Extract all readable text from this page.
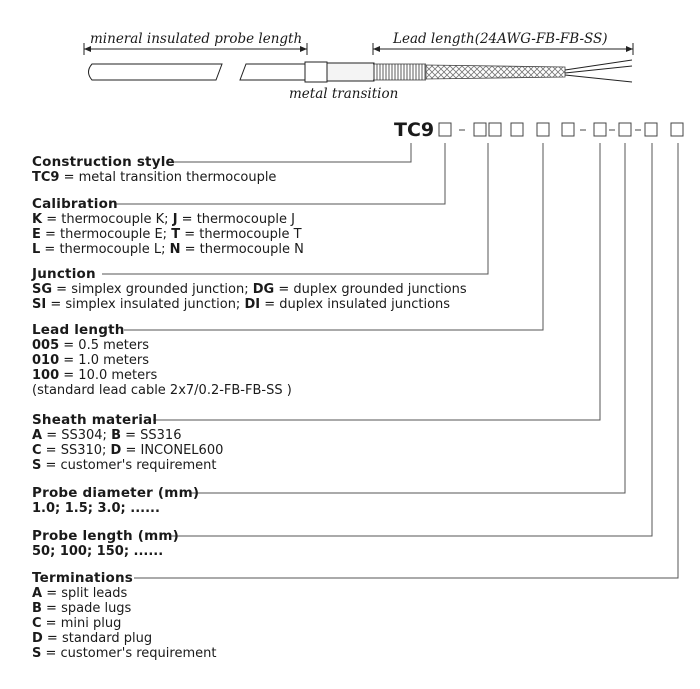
mineral insulated probe length	Lead length(24AWG-FB-FB-SS)
metal transition
TC9
Construction style
TC9 = metal transition thermocouple
Calibration
K = thermocouple K; J = thermocouple J
E = thermocouple E; T = thermocouple T
L = thermocouple L; N = thermocouple N
Junction
SG = simplex grounded junction; DG = duplex grounded junctions
SI = simplex insulated junction; DI = duplex insulated junctions
Lead length
005 = 0.5 meters
010 = 1.0 meters
100 = 10.0 meters
(standard lead cable 2x7/0.2-FB-FB-SS )
Sheath material
A = SS304; B = SS316
C = SS310; D = INCONEL600
S = customer's requirement
Probe diameter (mm)
1.0; 1.5; 3.0; ......
Probe length (mm)
50; 100; 150; ......
Terminations
A = split leads
B = spade lugs
C = mini plug
D = standard plug
S = customer's requirement
